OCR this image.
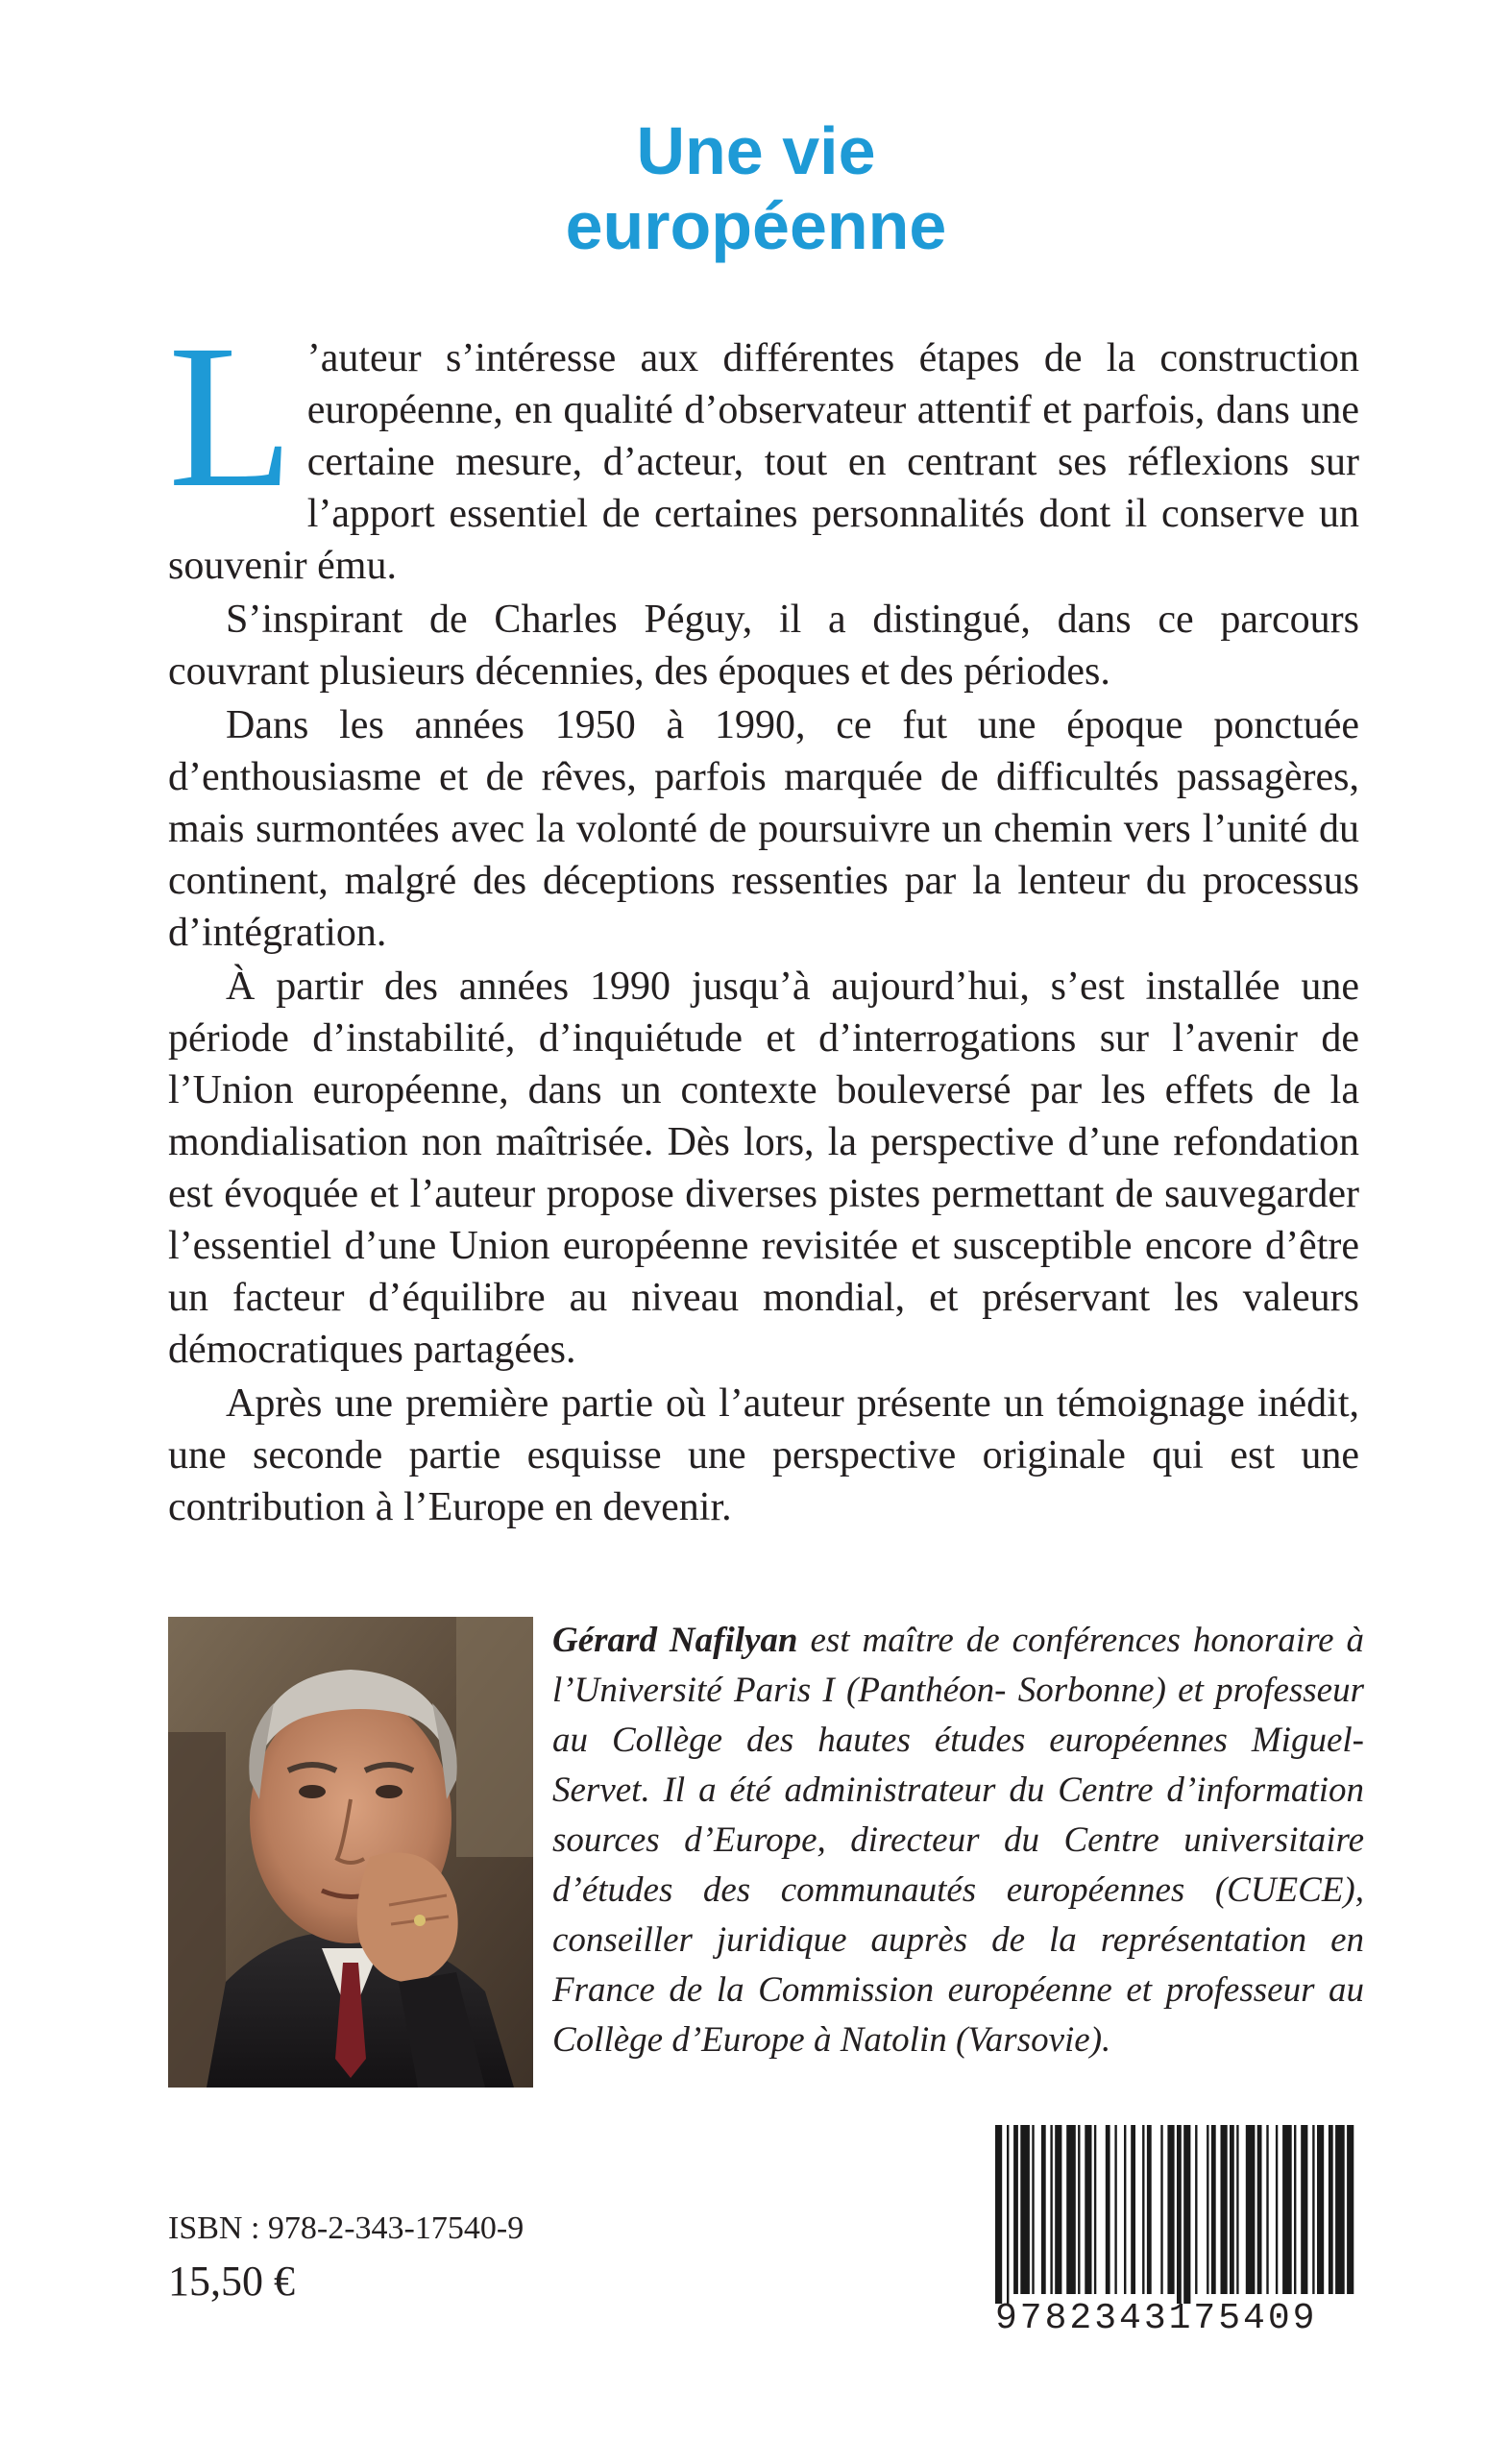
Une vie
européenne

L ’auteur s’intéresse aux différentes étapes de la construction européenne, en qualité d’observateur attentif et parfois, dans une certaine mesure, d’acteur, tout en centrant ses réflexions sur l’apport essentiel de certaines personnalités dont il conserve un souvenir ému.

S’inspirant de Charles Péguy, il a distingué, dans ce parcours couvrant plusieurs décennies, des époques et des périodes.

Dans les années 1950 à 1990, ce fut une époque ponctuée d’enthousiasme et de rêves, parfois marquée de difficultés passagères, mais surmontées avec la volonté de poursuivre un chemin vers l’unité du continent, malgré des déceptions ressenties par la lenteur du processus d’intégration.

À partir des années 1990 jusqu’à aujourd’hui, s’est installée une période d’instabilité, d’inquiétude et d’interrogations sur l’avenir de l’Union européenne, dans un contexte bouleversé par les effets de la mondialisation non maîtrisée. Dès lors, la perspective d’une refondation est évoquée et l’auteur propose diverses pistes permettant de sauvegarder l’essentiel d’une Union européenne revisitée et susceptible encore d’être un facteur d’équilibre au niveau mondial, et préservant les valeurs démocratiques partagées.

Après une première partie où l’auteur présente un témoignage inédit, une seconde partie esquisse une perspective originale qui est une contribution à l’Europe en devenir.

Gérard Nafilyan est maître de conférences honoraire à l’Université Paris I (Panthéon- Sorbonne) et professeur au Collège des hautes études européennes Miguel-Servet. Il a été administrateur du Centre d’information sources d’Europe, directeur du Centre universitaire d’études des communautés européennes (CUECE), conseiller juridique auprès de la représentation en France de la Commission européenne et professeur au Collège d’Europe à Natolin (Varsovie).

ISBN : 978-2-343-17540-9
15,50 €
9782343175409
